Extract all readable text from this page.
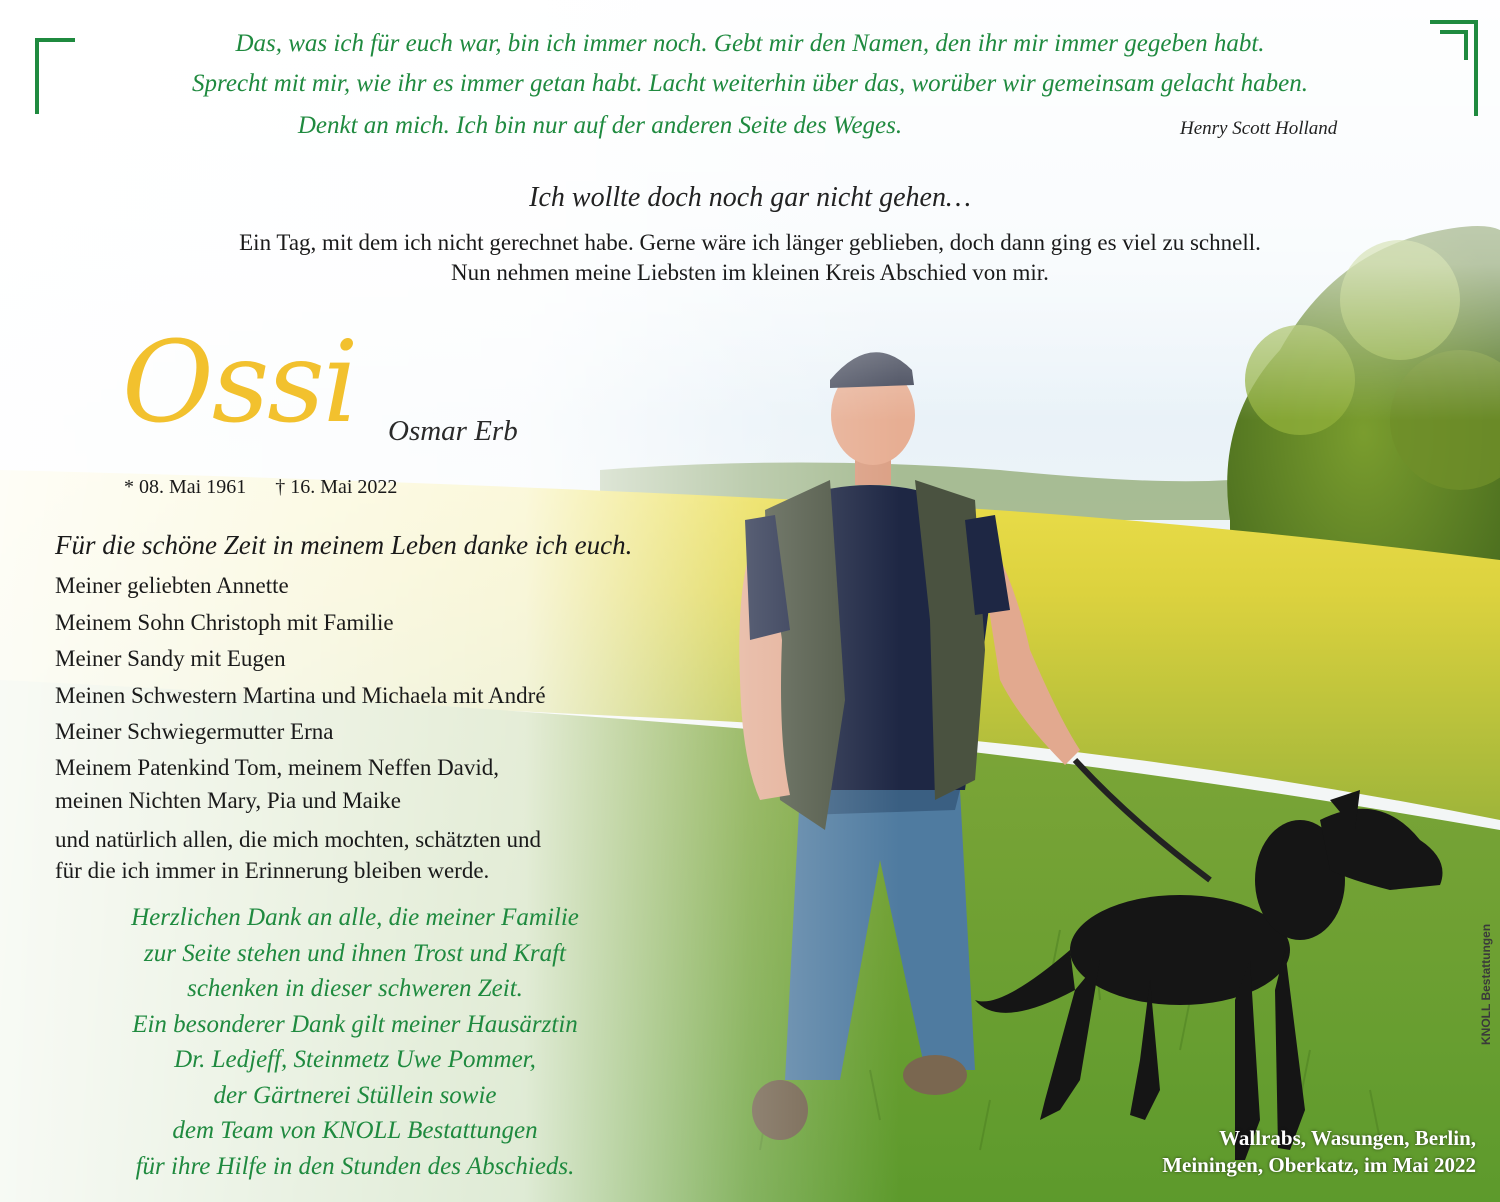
Das, was ich für euch war, bin ich immer noch. Gebt mir den Namen, den ihr mir immer gegeben habt.
Sprecht mit mir, wie ihr es immer getan habt. Lacht weiterhin über das, worüber wir gemeinsam gelacht haben.
Denkt an mich. Ich bin nur auf der anderen Seite des Weges.	Henry Scott Holland
Ich wollte doch noch gar nicht gehen…
Ein Tag, mit dem ich nicht gerechnet habe. Gerne wäre ich länger geblieben, doch dann ging es viel zu schnell.
Nun nehmen meine Liebsten im kleinen Kreis Abschied von mir.
Ossi Osmar Erb
* 08. Mai 1961 † 16. Mai 2022
Für die schöne Zeit in meinem Leben danke ich euch.
Meiner geliebten Annette
Meinem Sohn Christoph mit Familie
Meiner Sandy mit Eugen
Meinen Schwestern Martina und Michaela mit André
Meiner Schwiegermutter Erna
Meinem Patenkind Tom, meinem Neffen David,
meinen Nichten Mary, Pia und Maike
und natürlich allen, die mich mochten, schätzten und
für die ich immer in Erinnerung bleiben werde.
Herzlichen Dank an alle, die meiner Familie
zur Seite stehen und ihnen Trost und Kraft
schenken in dieser schweren Zeit.
Ein besonderer Dank gilt meiner Hausärztin
Dr. Ledjeff, Steinmetz Uwe Pommer,
der Gärtnerei Stüllein sowie
dem Team von KNOLL Bestattungen
für ihre Hilfe in den Stunden des Abschieds.
Wallrabs, Wasungen, Berlin,
Meiningen, Oberkatz, im Mai 2022
KNOLL Bestattungen
